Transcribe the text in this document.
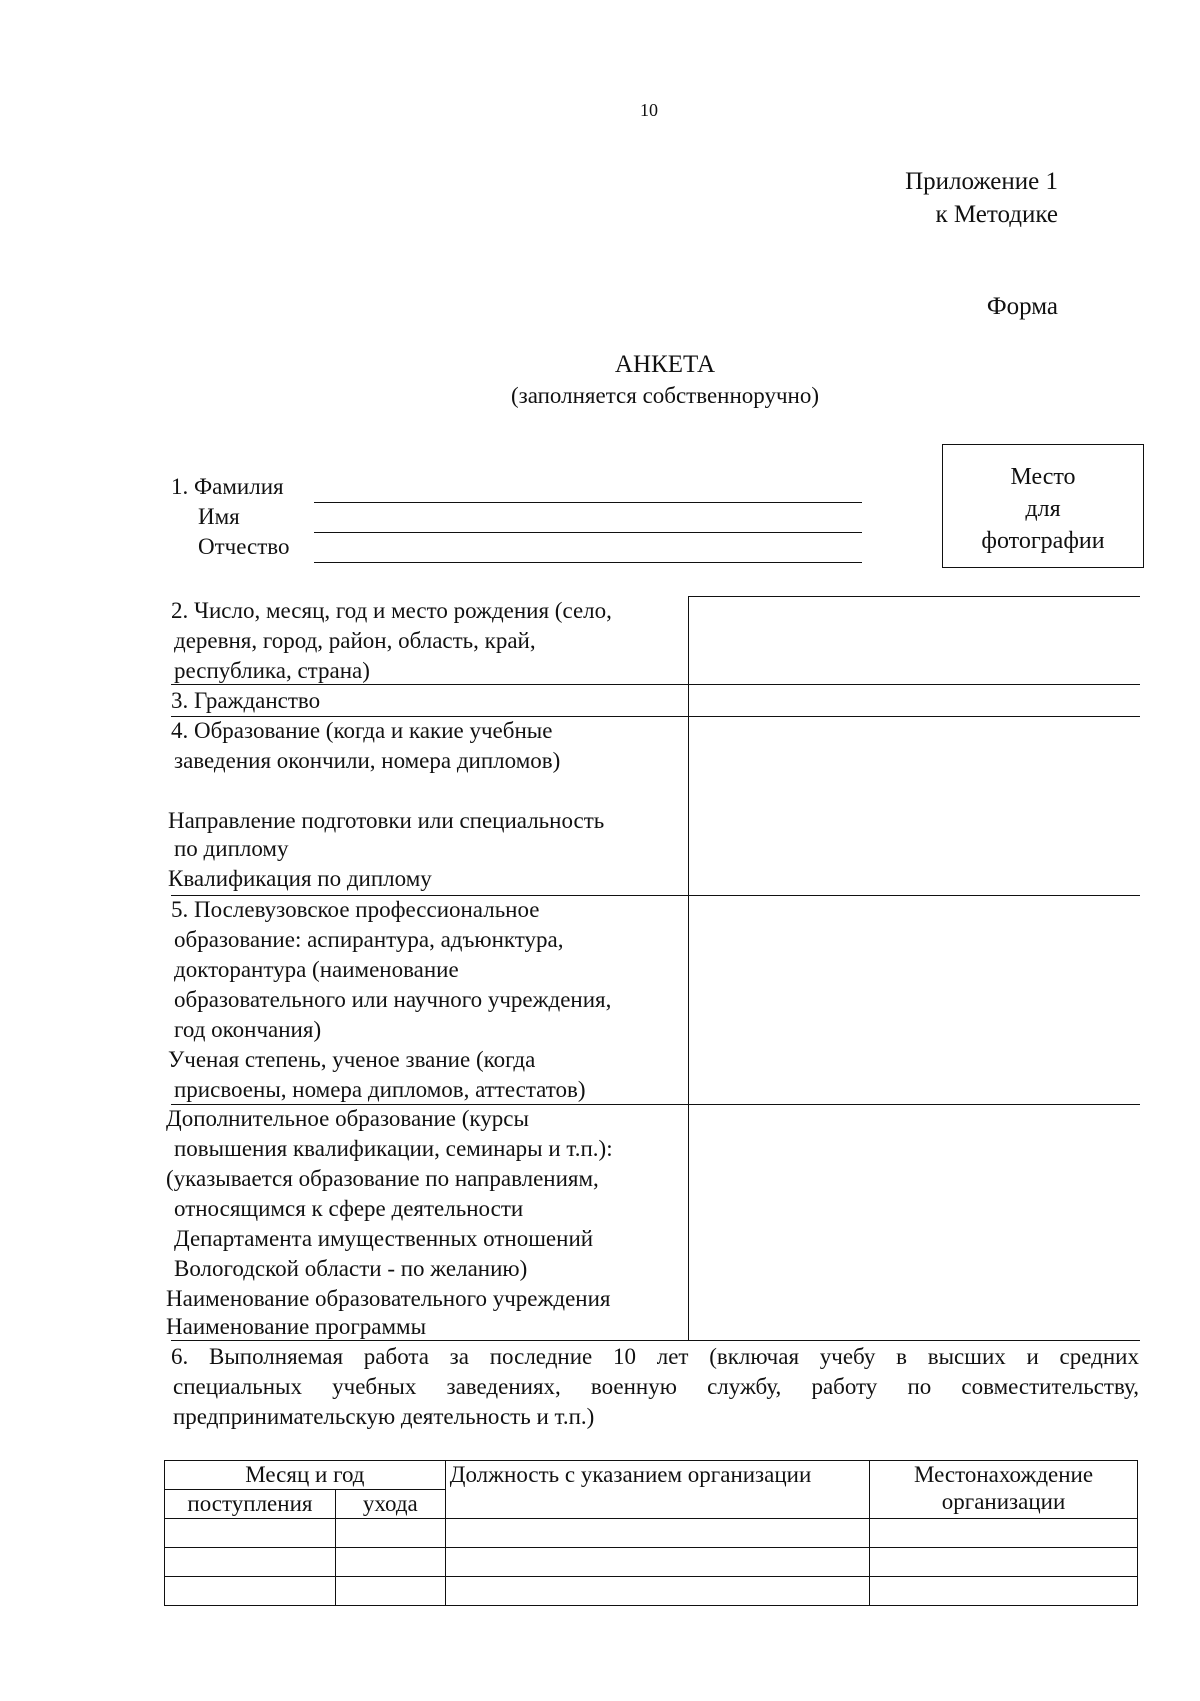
10
Приложение 1
к Методике
Форма
АНКЕТА
(заполняется собственноручно)
Место
для
фотографии
1. Фамилия
Имя
Отчество
2. Число, месяц, год и место рождения (село,
деревня, город, район, область, край,
республика, страна)
3. Гражданство
4. Образование (когда и какие учебные
заведения окончили, номера дипломов)
Направление подготовки или специальность
по диплому
Квалификация по диплому
5. Послевузовское профессиональное
образование: аспирантура, адъюнктура,
докторантура (наименование
образовательного или научного учреждения,
год окончания)
Ученая степень, ученое звание (когда
присвоены, номера дипломов, аттестатов)
Дополнительное образование (курсы
повышения квалификации, семинары и т.п.):
(указывается образование по направлениям,
относящимся к сфере деятельности
Департамента имущественных отношений
Вологодской области - по желанию)
Наименование образовательного учреждения
Наименование программы
6. Выполняемая работа за последние 10 лет (включая учебу в высших и средних
специальных учебных заведениях, военную службу, работу по совместительству,
предпринимательскую деятельность и т.п.)
Месяц и год		Должность с указанием организации	Местонахождение организации
поступления	ухода		
